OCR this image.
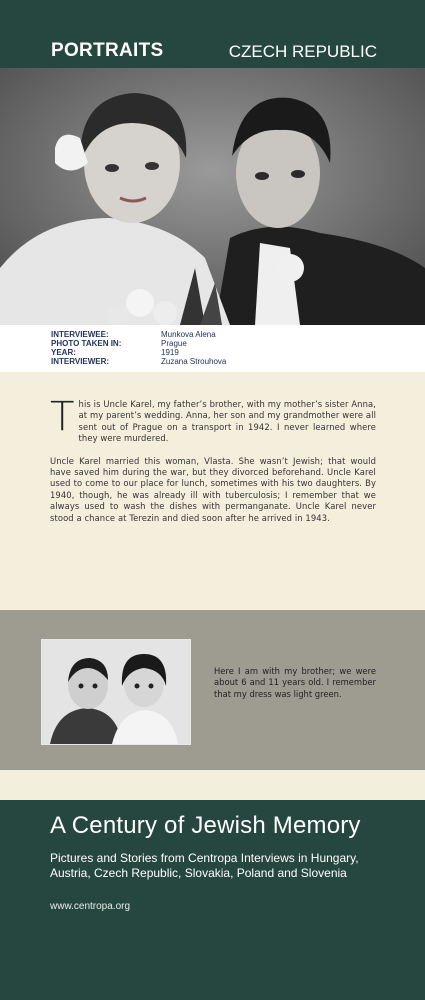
PORTRAITS	CZECH REPUBLIC
INTERVIEWEE:	Munkova Alena
PHOTO TAKEN IN:	Prague
YEAR:	1919
INTERVIEWER:	Zuzana Strouhova

This is Uncle Karel, my father’s brother, with my mother’s sister Anna, at my parent’s wedding. Anna, her son and my grandmother were all sent out of Prague on a transport in 1942. I never learned where they were murdered.

Uncle Karel married this woman, Vlasta. She wasn’t Jewish; that would have saved him during the war, but they divorced beforehand. Uncle Karel used to come to our place for lunch, sometimes with his two daughters. By 1940, though, he was already ill with tuberculosis; I remember that we always used to wash the dishes with permanganate. Uncle Karel never stood a chance at Terezin and died soon after he arrived in 1943.

Here I am with my brother; we were about 6 and 11 years old. I remember that my dress was light green.
A Century of Jewish Memory
Pictures and Stories from Centropa Interviews in Hungary, Austria, Czech Republic, Slovakia, Poland and Slovenia
www.centropa.org
